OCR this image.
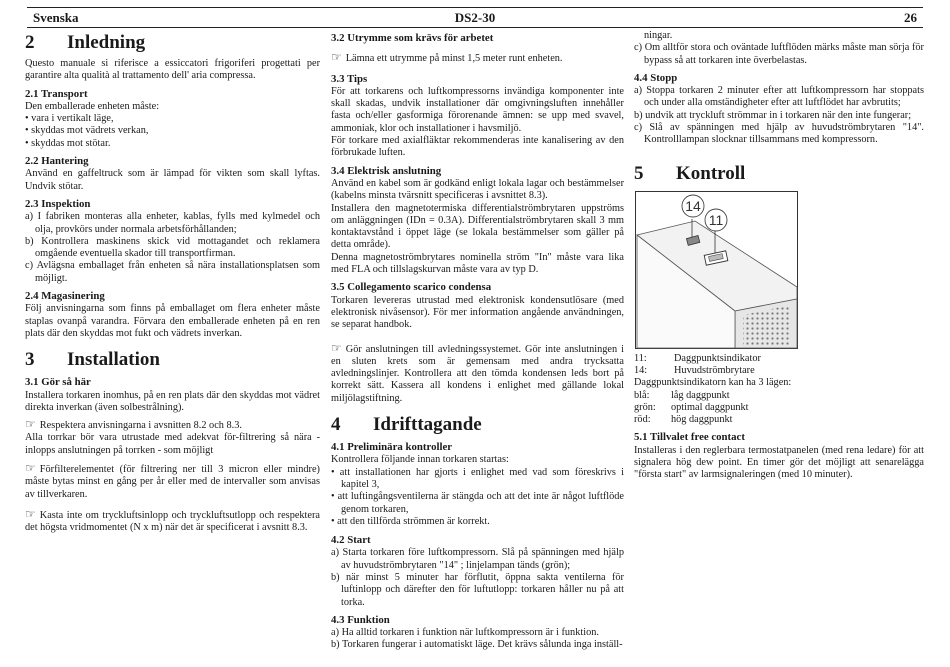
Svenska	DS2-30	26
2	Inledning

Questo manuale si riferisce a essiccatori frigoriferi progettati per garantire alta qualità al trattamento dell' aria compressa.

2.1 Transport

Den emballerade enheten måste:

• vara i vertikalt läge,

• skyddas mot vädrets verkan,

• skyddas mot stötar.

2.2 Hantering

Använd en gaffeltruck som är lämpad för vikten som skall lyftas. Undvik stötar.

2.3 Inspektion

a) I fabriken monteras alla enheter, kablas, fylls med kylmedel och olja, provkörs under normala arbetsförhållanden;

b) Kontrollera maskinens skick vid mottagandet och reklamera omgående eventuella skador till transportfirman.

c) Avlägsna emballaget från enheten så nära installationsplatsen som möjligt.

2.4 Magasinering

Följ anvisningarna som finns på emballaget om flera enheter måste staplas ovanpå varandra. Förvara den emballerade enheten på en ren plats där den skyddas mot fukt och vädrets inverkan.

3	Installation
3.1 Gör så här

Installera torkaren inomhus, på en ren plats där den skyddas mot vädret direkta inverkan (även solbestrålning).

☞ Respektera anvisningarna i avsnitten 8.2 och 8.3.

Alla torrkar bör vara utrustade med adekvat för-filtrering så nära - inlopps anslutningen på torrken - som möjligt

☞ Förfilterelementet (för filtrering ner till 3 micron eller mindre) måste bytas minst en gång per år eller med de intervaller som anvisas av tillverkaren.

☞ Kasta inte om tryckluftsinlopp och tryckluftsutlopp och respektera det högsta vridmomentet (N x m) när det är specificerat i avsnitt 8.3.

3.2 Utrymme som krävs för arbetet

☞ Lämna ett utrymme på minst 1,5 meter runt enheten.

3.3 Tips

För att torkarens och luftkompressorns invändiga komponenter inte skall skadas, undvik installationer där omgivningsluften innehåller fasta och/eller gasformiga förorenande ämnen: se upp med svavel, ammoniak, klor och installationer i havsmiljö.

För torkare med axialfläktar rekommenderas inte kanalisering av den förbrukade luften.

3.4 Elektrisk anslutning

Använd en kabel som är godkänd enligt lokala lagar och bestämmelser (kabelns minsta tvärsnitt specificeras i avsnittet 8.3).

Installera den magnetotermiska differentialströmbrytaren uppströms om anläggningen (IDn = 0.3A). Differentialströmbrytaren skall 3 mm kontaktavstånd i öppet läge (se lokala bestämmelser som gäller på detta område).

Denna magnetoströmbrytares nominella ström "In" måste vara lika med FLA och tillslagskurvan måste vara av typ D.

3.5 Collegamento scarico condensa

Torkaren levereras utrustad med elektronisk kondensutlösare (med elektronisk nivåsensor). För mer information angående användningen, se separat handbok.

☞ Gör anslutningen till avledningssystemet. Gör inte anslutningen i en sluten krets som är gemensam med andra trycksatta avledningslinjer. Kontrollera att den tömda kondensen leds bort på korrekt sätt. Kassera all kondens i enlighet med gällande lokal miljölagstiftning.

4	Idrifttagande
4.1 Preliminära kontroller

Kontrollera följande innan torkaren startas:

• att installationen har gjorts i enlighet med vad som föreskrivs i kapitel 3,

• att luftingångsventilerna är stängda och att det inte är något luftflöde genom torkaren,

• att den tillförda strömmen är korrekt.

4.2 Start

a) Starta torkaren före luftkompressorn. Slå på spänningen med hjälp av huvudströmbrytaren "14" ; linjelampan tänds (grön);

b) när minst 5 minuter har förflutit, öppna sakta ventilerna för luftinlopp och därefter den för luftutlopp: torkaren håller nu på att torka.

4.3 Funktion

a) Ha alltid torkaren i funktion när luftkompressorn är i funktion.

b) Torkaren fungerar i automatiskt läge. Det krävs sålunda inga inställ-

ningar.

c) Om alltför stora och oväntade luftflöden märks måste man sörja för bypass så att torkaren inte överbelastas.

4.4 Stopp

a) Stoppa torkaren 2 minuter efter att luftkompressorn har stoppats och under alla omständigheter efter att luftflödet har avbrutits;

b) undvik att tryckluft strömmar in i torkaren när den inte fungerar;

c) Slå av spänningen med hjälp av huvudströmbrytaren "14". Kontrolllampan slocknar tillsammans med kompressorn.

5	Kontroll
14
11
11:	Daggpunktsindikator
14:	Huvudströmbrytare

Daggpunktsindikatorn kan ha 3 lägen:

blå:	låg daggpunkt
grön:	optimal daggpunkt
röd:	hög daggpunkt
5.1 Tillvalet free contact

Installeras i den reglerbara termostatpanelen (med rena ledare) för att signalera hög dew point. En timer gör det möjligt att senarelägga "första start" av larmsignaleringen (med 10 minuter).
